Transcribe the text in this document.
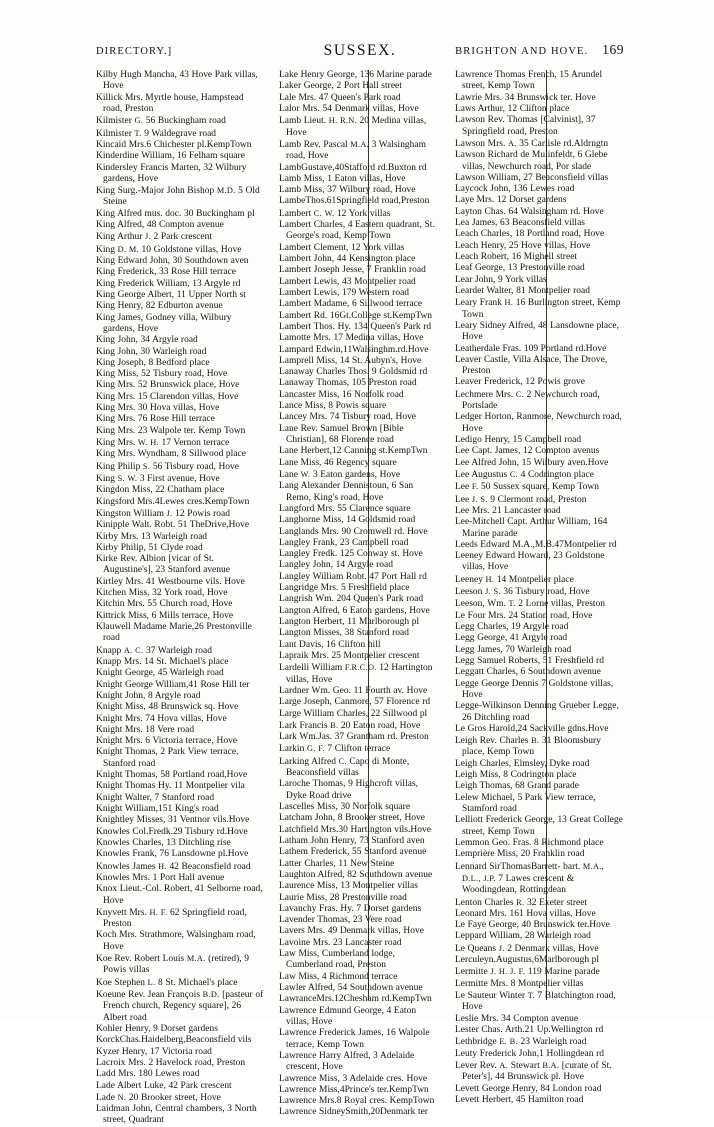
DIRECTORY.]	SUSSEX.	BRIGHTON AND HOVE. 169

Kilby Hugh Mancha, 43 Hove Park villas, Hove

Killick Mrs. Myrtle house, Hampstead road, Preston

Kilmister G. 56 Buckingham road

Kilmister T. 9 Waldegrave road

Kincaid Mrs.6 Chichester pl.KempTown

Kinderdine William, 16 Felham square

Kindersley Francis Marten, 32 Wilbury gardens, Hove

King Surg.-Major John Bishop M.D. 5 Old Steine

King Alfred mus. doc. 30 Buckingham pl

King Alfred, 48 Compton avenue

King Arthur J. 2 Park crescent

King D. M. 10 Goldstone villas, Hove

King Edward John, 30 Southdown aven

King Frederick, 33 Rose Hill terrace

King Frederick William, 13 Argyle rd

King George Albert, 11 Upper North st

King Henry, 82 Edburton avenue

King James, Godney villa, Wilbury gardens, Hove

King John, 34 Argyle road

King John, 30 Warleigh road

King Joseph, 8 Bedford place

King Miss, 52 Tisbury road, Hove

King Mrs. 52 Brunswick place, Hove

King Mrs. 15 Clarendon villas, Hove

King Mrs. 30 Hova villas, Hove

King Mrs. 76 Rose Hill terrace

King Mrs. 23 Walpole ter. Kemp Town

King Mrs. W. H. 17 Vernon terrace

King Mrs. Wyndham, 8 Sillwood place

King Philip S. 56 Tisbury road, Hove

King S. W. 3 First avenue, Hove

Kingdon Miss, 22 Chatham place

Kingsford Mrs.4Lewes cres.KempTown

Kingston William J. 12 Powis road

Kinipple Walt. Robt. 51 TheDrive,Hove

Kirby Mrs. 13 Warleigh road

Kirby Philip, 51 Clyde road

Kirke Rev. Albion [vicar of St. Augustine's], 23 Stanford avenue

Kirtley Mrs. 41 Westbourne vils. Hove

Kitchen Miss, 32 York road, Hove

Kitchin Mrs. 55 Church road, Hove

Kittrick Miss, 6 Mills terrace, Hove

Klauwell Madame Marie,26 Prestonville road

Knapp A. C. 37 Warleigh road

Knapp Mrs. 14 St. Michael's place

Knight George, 45 Warleigh road

Knight George William,41 Rose Hill ter

Knight John, 8 Argyle road

Knight Miss, 48 Brunswick sq. Hove

Knight Mrs. 74 Hova villas, Hove

Knight Mrs. 18 Vere road

Knight Mrs. 6 Victoria terrace, Hove

Knight Thomas, 2 Park View terrace, Stanford road

Knight Thomas, 58 Portland road,Hove

Knight Thomas Hy. 11 Montpelier vila

Knight Walter, 7 Stanford road

Knight William,151 King's road

Knightley Misses, 31 Ventnor vils.Hove

Knowles Col.Fredk.29 Tisbury rd.Hove

Knowles Charles, 13 Ditchling rise

Knowles Frank, 76 Lansdowne pl.Hove

Knowles James H. 42 Beaconsfield road

Knowles Mrs. 1 Port Hall avenue

Knox Lieut.-Col. Robert, 41 Selborne road, Hove

Knyvett Mrs. H. F. 62 Springfield road, Preston

Koch Mrs. Strathmore, Walsingham road, Hove

Koe Rev. Robert Louis M.A. (retired), 9 Powis villas

Koe Stephen L. 8 St. Michael's place

Koeune Rev. Jean François B.D. [pasteur of French church, Regency square], 26 Albert road

Kohler Henry, 9 Dorset gardens

KorckChas.Haidelberg,Beaconsfield vils

Kyzer Henry, 17 Victoria road

Lacroix Mrs. 2 Havelock road, Preston

Ladd Mrs. 180 Lewes road

Lade Albert Luke, 42 Park crescent

Lade N. 20 Brooker street, Hove

Laidman John, Central chambers, 3 North street, Quadrant

Lake Henry George, 136 Marine parade

Laker George, 2 Port Hall street

Lale Mrs. 47 Queen's Park road

Lalor Mrs. 54 Denmark villas, Hove

Lamb Lieut. H. R.N. 20 Medina villas, Hove

Lamb Rev. Pascal M.A. 3 Walsingham road, Hove

LambGustave,40Stafford rd.Buxton rd

Lamb Miss, 1 Eaton villas, Hove

Lamb Miss, 37 Wilbury road, Hove

LambeThos.61Springfield road,Preston

Lambert C. W. 12 York villas

Lambert Charles, 4 Eastern quadrant, St. George's road, Kemp Town

Lambert Clement, 12 York villas

Lambert John, 44 Kensington place

Lambert Joseph Jesse, 7 Franklin road

Lambert Lewis, 43 Montpelier road

Lambert Lewis, 179 Western road

Lambert Madame, 6 Sillwood terrace

Lambert Rd. 16Gt.College st.KempTwn

Lambert Thos. Hy. 134 Queen's Park rd

Lamotte Mrs. 17 Medina villas, Hove

Lampard Edwin,11Walsinghm.rd.Hove

Lamprell Miss, 14 St. Aubyn's, Hove

Lanaway Charles Thos. 9 Goldsmid rd

Lanaway Thomas, 105 Preston road

Lancaster Miss, 16 Norfolk road

Lance Miss, 8 Powis square

Lancey Mrs. 74 Tisbury road, Hove

Lane Rev. Samuel Brown [Bible Christian], 68 Florence road

Lane Herbert,12 Canning st.KempTwn

Lane Miss, 46 Regency square

Lane W. 3 Eaton gardens, Hove

Lang Alexander Dennistoun, 6 San Remo, King's road, Hove

Langford Mrs. 55 Clarence square

Langhorne Miss, 14 Goldsmid road

Langlands Mrs. 90 Cromwell rd. Hove

Langley Frank, 23 Campbell road

Langley Fredk. 125 Conway st. Hove

Langley John, 14 Argyle road

Langley William Robt. 47 Port Hall rd

Langridge Mrs. 5 Freshfield place

Langrish Wm. 204 Queen's Park road

Langton Alfred, 6 Eaton gardens, Hove

Langton Herbert, 11 Marlborough pl

Langton Misses, 38 Stanford road

Lant Davis, 16 Clifton hill

Lapraik Mrs. 25 Montpelier crescent

Lardelli William F.R.C.O. 12 Hartington villas, Hove

Lardner Wm. Geo. 11 Fourth av. Hove

Large Joseph, Canmore, 57 Florence rd

Large William Charles, 22 Sillwood pl

Lark Francis B. 20 Eaton road, Hove

Lark Wm.Jas. 37 Grantham rd. Preston

Larkin G. F. 7 Clifton terrace

Larking Alfred C. Capo di Monte, Beaconsfield villas

Laroche Thomas, 9 Highcroft villas, Dyke Road drive

Lascelles Miss, 30 Norfolk square

Latcham John, 8 Brooker street, Hove

Latchfield Mrs.30 Hartington vils.Hove

Latham John Henry, 73 Stanford aven

Lathem Frederick, 55 Stanford avenue

Latter Charles, 11 New Steine

Laughton Alfred, 82 Southdown avenue

Laurence Miss, 13 Montpelier villas

Laurie Miss, 28 Prestonville road

Lavanchy Fras. Hy. 7 Dorset gardens

Lavender Thomas, 23 Vere road

Lavers Mrs. 49 Denmark villas, Hove

Lavoine Mrs. 23 Lancaster road

Law Miss, Cumberland lodge, Cumberland road, Preston

Law Miss, 4 Richmond terrace

Lawler Alfred, 54 Southdown avenue

LawranceMrs.12Chesham rd.KempTwn

Lawrence Edmund George, 4 Eaton villas, Hove

Lawrence Frederick James, 16 Walpole terrace, Kemp Town

Lawrence Harry Alfred, 3 Adelaide crescent, Hove

Lawrence Miss, 3 Adelaide cres. Hove

Lawrence Miss,4Prince's ter.KempTwn

Lawrence Mrs.8 Royal cres. KempTown

Lawrence SidneySmith,20Denmark ter

Lawrence Thomas French, 15 Arundel street, Kemp Town

Lawrie Mrs. 34 Brunswick ter. Hove

Laws Arthur, 12 Clifton place

Lawson Rev. Thomas [Calvinist], 37 Springfield road, Preston

Lawson Mrs. A. 35 Carlisle rd.Aldrngtn

Lawson Richard de Mulinfeldt, 6 Glebe villas, Newchurch road, Por slade

Lawson William, 27 Beaconsfield villas

Laycock John, 136 Lewes road

Laye Mrs. 12 Dorset gardens

Layton Chas. 64 Walsingham rd. Hove

Lea James, 63 Beaconsfield villas

Leach Charles, 18 Portland road, Hove

Leach Henry, 25 Hove villas, Hove

Leach Robert, 16 Mighell street

Leaf George, 13 Prestonville road

Lear John, 9 York villas

Leardet Walter, 81 Montpelier road

Leary Frank H. 16 Burlington street, Kemp Town

Leary Sidney Alfred, 48 Lansdowne place, Hove

Leatherdale Fras. 109 Portland rd.Hove

Leaver Castle, Villa Alsace, The Drove, Preston

Leaver Frederick, 12 Powis grove

Lechmere Mrs. C. 2 Newchurch road, Portslade

Ledger Horton, Ranmore, Newchurch road, Hove

Ledigo Henry, 15 Campbell road

Lee Capt. James, 12 Compton avenus

Lee Alfred John, 15 Wilbury aven.Hove

Lee Augustus C. 4 Codrington place

Lee F. 50 Sussex square, Kemp Town

Lee J. S. 9 Clermont road, Preston

Lee Mrs. 21 Lancaster road

Lee-Mitchell Capt. Arthur William, 164 Marine parade

Leeds Edward M.A.,M.B.47Montpelier rd

Leeney Edward Howard, 23 Goldstone villas, Hove

Leeney H. 14 Montpelier place

Leeson J. S. 36 Tisbury road, Hove

Leeson, Wm. T. 2 Lorne villas, Preston

Le Four Mrs. 24 Station road, Hove

Legg Charles, 19 Argyle road

Legg George, 41 Argyle road

Legg James, 70 Warleigh road

Legg Samuel Roberts, 51 Freshfield rd

Leggatt Charles, 6 Southdown avenue

Legge George Dennis 7 Goldstone villas, Hove

Legge-Wilkinson Denning Grueber Legge, 26 Ditchling road

Le Gros Harold,24 Sackville gdns.Hove

Leigh Rev. Charles B. 31 Bloomsbury place, Kemp Town

Leigh Charles, Elmsley, Dyke road

Leigh Miss, 8 Codrington place

Leigh Thomas, 68 Grand parade

Lelew Michael, 5 Park View terrace, Stamford road

Lelliott Frederick George, 13 Great College street, Kemp Town

Lemmon Geo. Fras. 8 Richmond place

Lemprière Miss, 20 Franklin road

Lennard SirThomasBarrett- bart. M.A., D.L., J.P. 7 Lawes crescent & Woodingdean, Rottingdean

Lenton Charles R. 32 Exeter street

Leonard Mrs. 161 Hova villas, Hove

Le Faye George, 40 Brunswick ter.Hove

Leppard William, 28 Warleigh road

Le Queans J. 2 Denmark villas, Hove

Lerculeyn.Augustus,6Marlborough pl

Lermitte J. H. J. F. 119 Marine parade

Lermitte Mrs. 8 Montpelier villas

Le Sauteur Winter T. 7 Blatchington road, Hove

Leslie Mrs. 34 Compton avenue

Lester Chas. Arth.21 Up.Wellington rd

Lethbridge E. B. 23 Warleigh road

Leuty Frederick John,1 Hollingdean rd

Lever Rev. A. Stewart B.A. [curate of St. Peter's], 44 Brunswick pl. Hove

Levett George Henry, 84 London road

Levett Herbert, 45 Hamilton road
